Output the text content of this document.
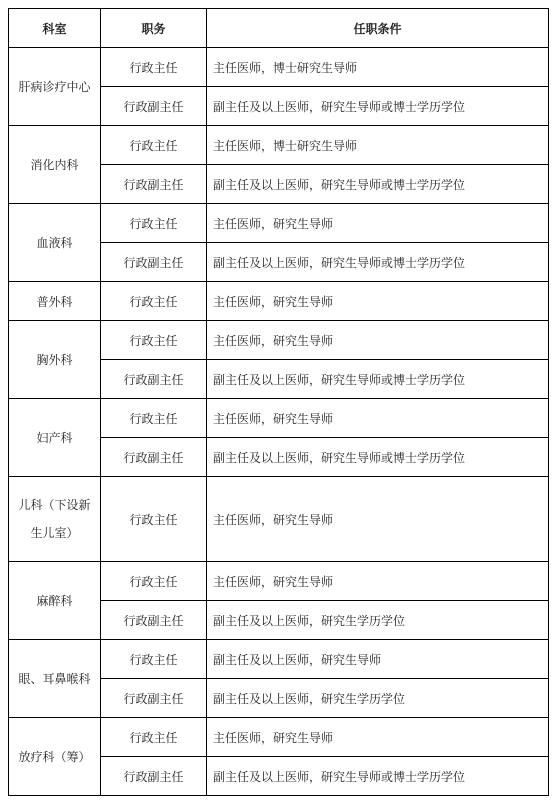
科室	职务	任职条件
肝病诊疗中心	行政主任	主任医师，博士研究生导师
	行政副主任	副主任及以上医师，研究生导师或博士学历学位
消化内科	行政主任	主任医师，博士研究生导师
	行政副主任	副主任及以上医师，研究生导师或博士学历学位
血液科	行政主任	主任医师，研究生导师
	行政副主任	副主任及以上医师，研究生导师或博士学历学位
普外科	行政主任	主任医师，研究生导师
胸外科	行政主任	主任医师，研究生导师
	行政副主任	副主任及以上医师，研究生导师或博士学历学位
妇产科	行政主任	主任医师，研究生导师
	行政副主任	副主任及以上医师，研究生导师或博士学历学位
儿科（下设新生儿室）	行政主任	主任医师，研究生导师
麻醉科	行政主任	主任医师，研究生导师
	行政副主任	副主任及以上医师，研究生学历学位
眼、耳鼻喉科	行政主任	副主任及以上医师，研究生导师
	行政副主任	副主任及以上医师，研究生学历学位
放疗科（筹）	行政主任	主任医师，研究生导师
	行政副主任	副主任及以上医师，研究生导师或博士学历学位
